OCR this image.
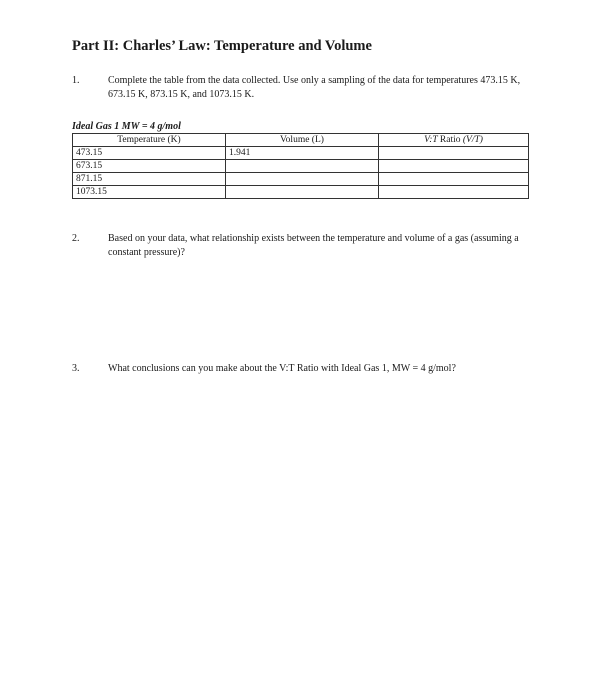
Part II: Charles’ Law: Temperature and Volume
1.	Complete the table from the data collected. Use only a sampling of the data for temperatures 473.15 K, 673.15 K, 873.15 K, and 1073.15 K.
Ideal Gas 1 MW = 4 g/mol
Temperature (K)	Volume (L)	V:T Ratio (V/T)
473.15	1.941	
673.15		
871.15		
1073.15		
2.	Based on your data, what relationship exists between the temperature and volume of a gas (assuming a constant pressure)?
3.	What conclusions can you make about the V:T Ratio with Ideal Gas 1, MW = 4 g/mol?
